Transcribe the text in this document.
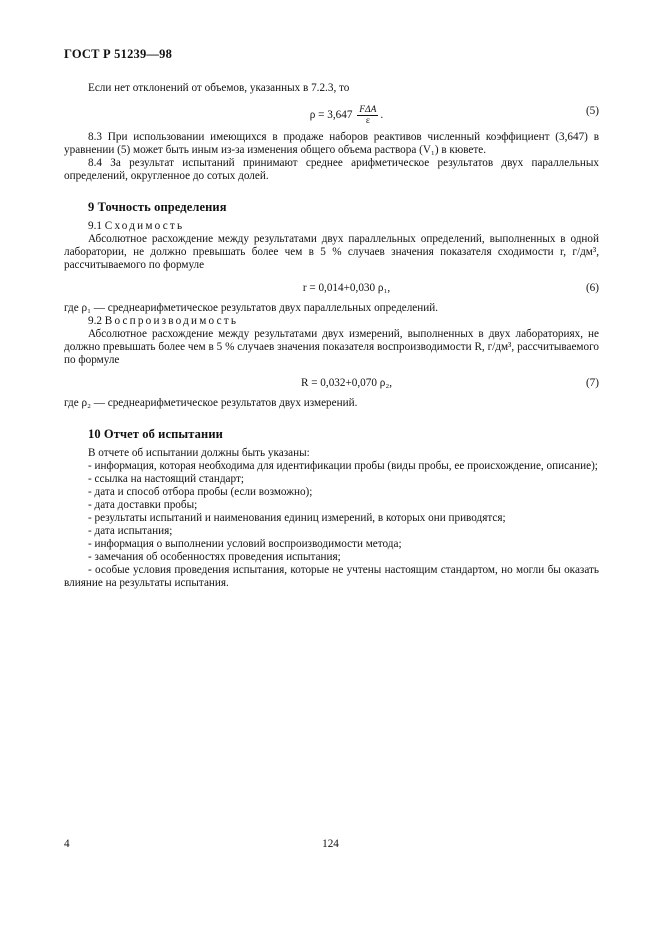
ГОСТ Р 51239—98

Если нет отклонений от объемов, указанных в 7.2.3, то

$\rho = 3,647 \frac{\text{FΔA}}{\varepsilon}$ .	(5)

8.3 При использовании имеющихся в продаже наборов реактивов численный коэффициент (3,647) в уравнении (5) может быть иным из-за изменения общего объема раствора (V₁) в кювете.

8.4 За результат испытаний принимают среднее арифметическое результатов двух параллельных определений, округленное до сотых долей.

9 Точность определения

9.1 Сходимость

Абсолютное расхождение между результатами двух параллельных определений, выполненных в одной лаборатории, не должно превышать более чем в 5 % случаев значения показателя сходимости r, г/дм³, рассчитываемого по формуле

r = 0,014+0,030 ρ₁,	(6)

где ρ₁ — среднеарифметическое результатов двух параллельных определений.

9.2 Воспроизводимость

Абсолютное расхождение между результатами двух измерений, выполненных в двух лабораториях, не должно превышать более чем в 5 % случаев значения показателя воспроизводимости R, г/дм³, рассчитываемого по формуле

R = 0,032+0,070 ρ₂,	(7)

где ρ₂ — среднеарифметическое результатов двух измерений.

10 Отчет об испытании

В отчете об испытании должны быть указаны:

- информация, которая необходима для идентификации пробы (виды пробы, ее происхождение, описание);

- ссылка на настоящий стандарт;

- дата и способ отбора пробы (если возможно);

- дата доставки пробы;

- результаты испытаний и наименования единиц измерений, в которых они приводятся;

- дата испытания;

- информация о выполнении условий воспроизводимости метода;

- замечания об особенностях проведения испытания;

- особые условия проведения испытания, которые не учтены настоящим стандартом, но могли бы оказать влияние на результаты испытания.

4	124
